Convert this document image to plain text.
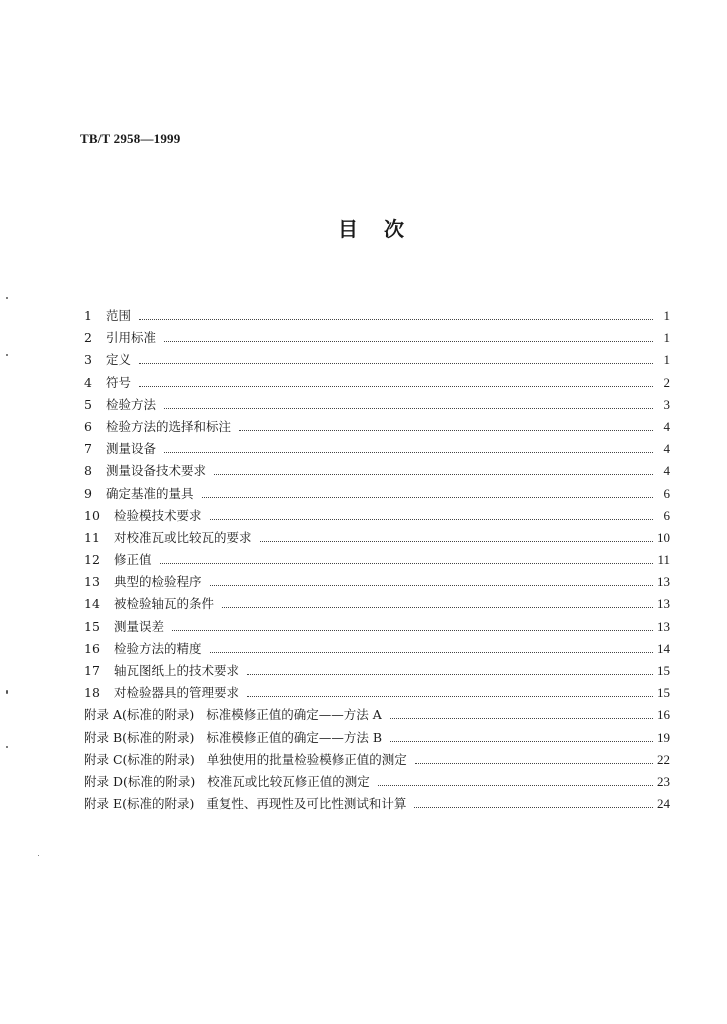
TB/T 2958—1999
目次
1	范围	1
2	引用标准	1
3	定义	1
4	符号	2
5	检验方法	3
6	检验方法的选择和标注	4
7	测量设备	4
8	测量设备技术要求	4
9	确定基准的量具	6
10	检验模技术要求	6
11	对校准瓦或比较瓦的要求	10
12	修正值	11
13	典型的检验程序	13
14	被检验轴瓦的条件	13
15	测量误差	13
16	检验方法的精度	14
17	轴瓦图纸上的技术要求	15
18	对检验器具的管理要求	15
附录 A(标准的附录) 标准模修正值的确定——方法 A	16
附录 B(标准的附录) 标准模修正值的确定——方法 B	19
附录 C(标准的附录) 单独使用的批量检验模修正值的测定	22
附录 D(标准的附录) 校准瓦或比较瓦修正值的测定	23
附录 E(标准的附录) 重复性、再现性及可比性测试和计算	24
